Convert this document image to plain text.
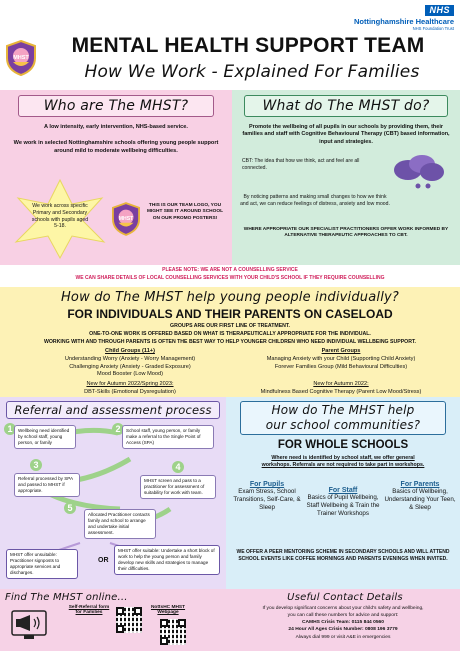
NHS
Nottinghamshire Healthcare
NHS Foundation Trust
MHST
MENTAL HEALTH SUPPORT TEAM
How We Work - Explained For Families
Who are The MHST?
A low intensity, early intervention, NHS-based service.
We work in selected Nottinghamshire schools offering young people support around mild to moderate wellbeing difficulties.
We work across specific Primary and Secondary schools with pupils aged 5-18.
MHST
THIS IS OUR TEAM LOGO, YOU MIGHT SEE IT AROUND SCHOOL ON OUR PROMO POSTERS!
What do The MHST do?
Promote the wellbeing of all pupils in our schools by providing them, their families and staff with Cognitive Behavioural Therapy (CBT) based information, input and strategies.
CBT: The idea that how we think, act and feel are all connected.
By noticing patterns and making small changes to how we think and act, we can reduce feelings of distress, anxiety and low mood.
WHERE APPROPRIATE OUR SPECIALIST PRACTITIONERS OFFER WORK INFORMED BY ALTERNATIVE THERAPEUTIC APPROACHES TO CBT.
PLEASE NOTE: WE ARE NOT A COUNSELLING SERVICE
WE CAN SHARE DETAILS OF LOCAL COUNSELLING SERVICES WITH YOUR CHILD'S SCHOOL IF THEY REQUIRE COUNSELLING
How do The MHST help young people individually?
FOR INDIVIDUALS AND THEIR PARENTS ON CASELOAD
GROUPS ARE OUR FIRST LINE OF TREATMENT.
ONE-TO-ONE WORK IS OFFERED BASED ON WHAT IS THERAPEUTICALLY APPROPRIATE FOR THE INDIVIDUAL.
WORKING WITH AND THROUGH PARENTS IS OFTEN THE BEST WAY TO HELP YOUNGER CHILDREN WHO NEED INDIVIDUAL WELLBEING SUPPORT.
Child Groups (11+)
Understanding Worry (Anxiety - Worry Management)
Challenging Anxiety (Anxiety - Graded Exposure)
Mood Booster (Low Mood)
New for Autumn 2022/Spring 2023:
DBT-Skills (Emotional Dysregulation)
Parent Groups
Managing Anxiety with your Child (Supporting Child Anxiety)
Forever Families Group (Mild Behavioural Difficulties)
New for Autumn 2022:
Mindfulness Based Cognitive Therapy (Parent Low Mood/Stress)
Referral and assessment process
1	Wellbeing need identified by school staff, young person, or family
2	School staff, young person, or family make a referral to the Single Point of Access (SPA)
3
Referral processed by SPA and passed to MHST if appropriate.
4
MHST screen and pass to a practitioner for assessment of suitability for work with team.
5
Allocated Practitioner contacts family and school to arrange and undertake initial assessment.
MHST offer unsuitable: Practitioner signposts to appropriate services and discharges.
OR
MHST offer suitable: Undertake a short block of work to help the young person and family develop new skills and strategies to manage their difficulties.
How do The MHST help
our school communities?
FOR WHOLE SCHOOLS
Where need is identified by school staff, we offer general
workshops. Referrals are not required to take part in workshops.
For Pupils
Exam Stress, School Transitions, Self-Care, & Sleep
For Staff
Basics of Pupil Wellbeing, Staff Wellbeing & Train the Trainer Workshops
For Parents
Basics of Wellbeing, Understanding Your Teen, & Sleep
WE OFFER A PEER MENTORING SCHEME IN SECONDARY SCHOOLS AND WILL ATTEND SCHOOL EVENTS LIKE COFFEE MORNINGS AND PARENTS EVENINGS WHEN INVITED.
Find The MHST online...
Self-Referral form for Families
NottsHC MHST Webpage
Useful Contact Details
If you develop significant concerns about your child's safety and wellbeing,
you can call these numbers for advice and support:
CAMHS Crisis Team: 0115 844 0560
24 Hour All Ages Crisis Number: 0808 196 3779
Always dial 999 or visit A&E in emergencies
